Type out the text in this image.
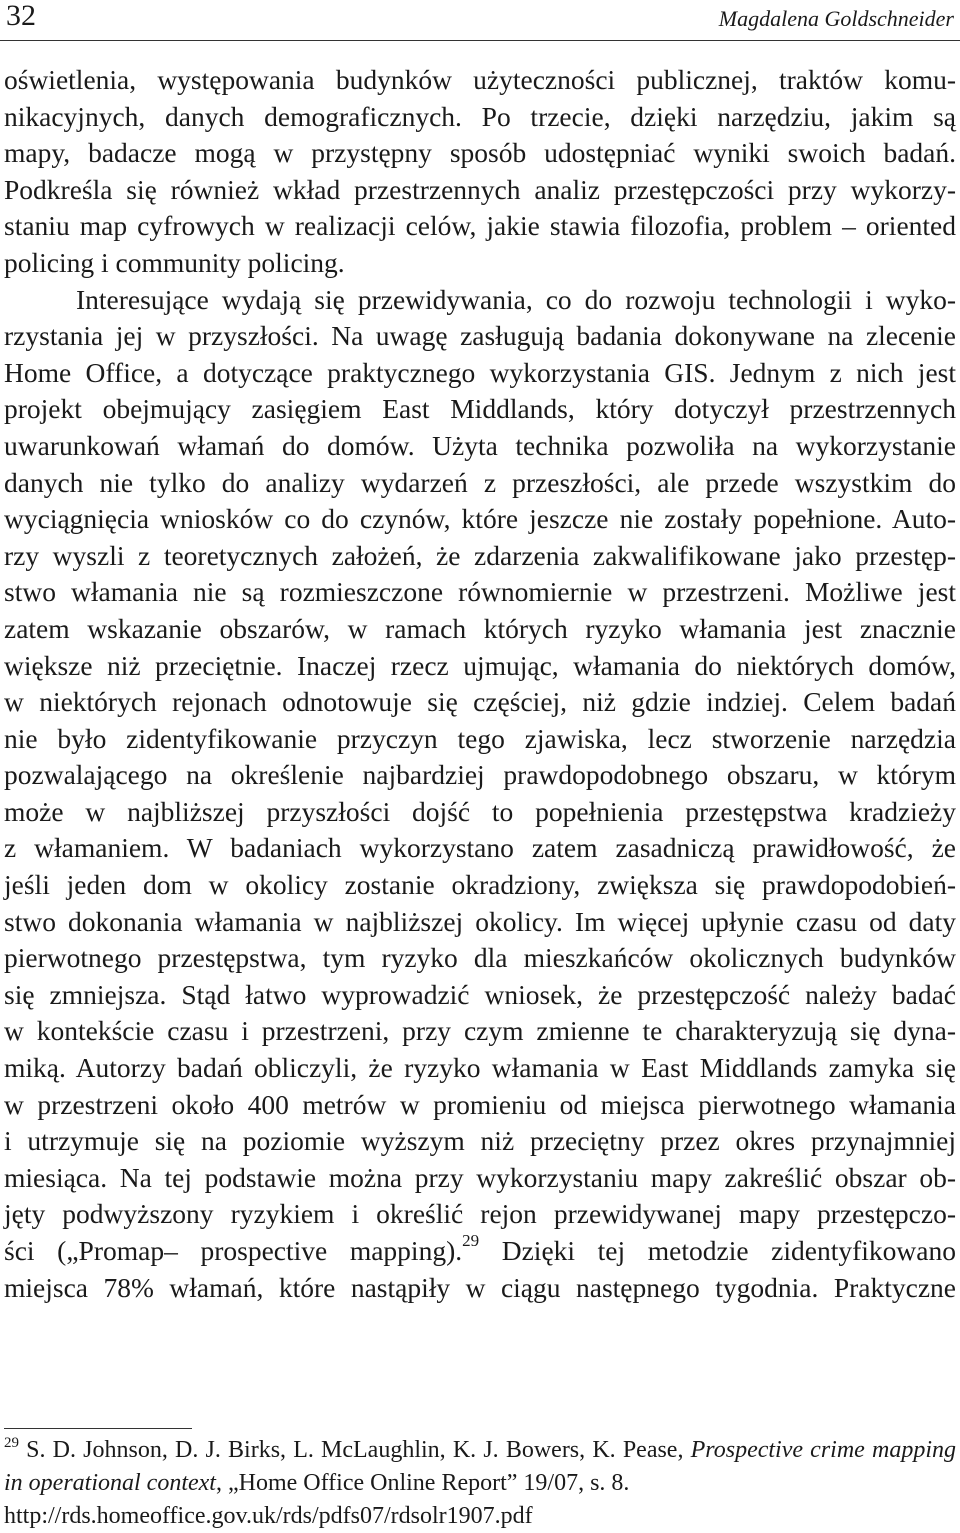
32	Magdalena Goldschneider
oświetlenia, występowania budynków użyteczności publicznej, traktów komu-
nikacyjnych, danych demograficznych. Po trzecie, dzięki narzędziu, jakim są
mapy, badacze mogą w przystępny sposób udostępniać wyniki swoich badań.
Podkreśla się również wkład przestrzennych analiz przestępczości przy wykorzy-
staniu map cyfrowych w realizacji celów, jakie stawia filozofia, problem – oriented
policing i community policing.
Interesujące wydają się przewidywania, co do rozwoju technologii i wyko-
rzystania jej w przyszłości. Na uwagę zasługują badania dokonywane na zlecenie
Home Office, a dotyczące praktycznego wykorzystania GIS. Jednym z nich jest
projekt obejmujący zasięgiem East Middlands, który dotyczył przestrzennych
uwarunkowań włamań do domów. Użyta technika pozwoliła na wykorzystanie
danych nie tylko do analizy wydarzeń z przeszłości, ale przede wszystkim do
wyciągnięcia wniosków co do czynów, które jeszcze nie zostały popełnione. Auto-
rzy wyszli z teoretycznych założeń, że zdarzenia zakwalifikowane jako przestęp-
stwo włamania nie są rozmieszczone równomiernie w przestrzeni. Możliwe jest
zatem wskazanie obszarów, w ramach których ryzyko włamania jest znacznie
większe niż przeciętnie. Inaczej rzecz ujmując, włamania do niektórych domów,
w niektórych rejonach odnotowuje się częściej, niż gdzie indziej. Celem badań
nie było zidentyfikowanie przyczyn tego zjawiska, lecz stworzenie narzędzia
pozwalającego na określenie najbardziej prawdopodobnego obszaru, w którym
może w najbliższej przyszłości dojść to popełnienia przestępstwa kradzieży
z włamaniem. W badaniach wykorzystano zatem zasadniczą prawidłowość, że
jeśli jeden dom w okolicy zostanie okradziony, zwiększa się prawdopodobień-
stwo dokonania włamania w najbliższej okolicy. Im więcej upłynie czasu od daty
pierwotnego przestępstwa, tym ryzyko dla mieszkańców okolicznych budynków
się zmniejsza. Stąd łatwo wyprowadzić wniosek, że przestępczość należy badać
w kontekście czasu i przestrzeni, przy czym zmienne te charakteryzują się dyna-
miką. Autorzy badań obliczyli, że ryzyko włamania w East Middlands zamyka się
w przestrzeni około 400 metrów w promieniu od miejsca pierwotnego włamania
i utrzymuje się na poziomie wyższym niż przeciętny przez okres przynajmniej
miesiąca. Na tej podstawie można przy wykorzystaniu mapy zakreślić obszar ob-
jęty podwyższony ryzykiem i określić rejon przewidywanej mapy przestępczo-
ści („Promap– prospective mapping).$^{29}$ Dzięki tej metodzie zidentyfikowano
miejsca 78% włamań, które nastąpiły w ciągu następnego tygodnia. Praktyczne
$^{29}$ S. D. Johnson, D. J. Birks, L. McLaughlin, K. J. Bowers, K. Pease, Prospective crime mapping
in operational context, „Home Office Online Report” 19/07, s. 8.
http://rds.homeoffice.gov.uk/rds/pdfs07/rdsolr1907.pdf
